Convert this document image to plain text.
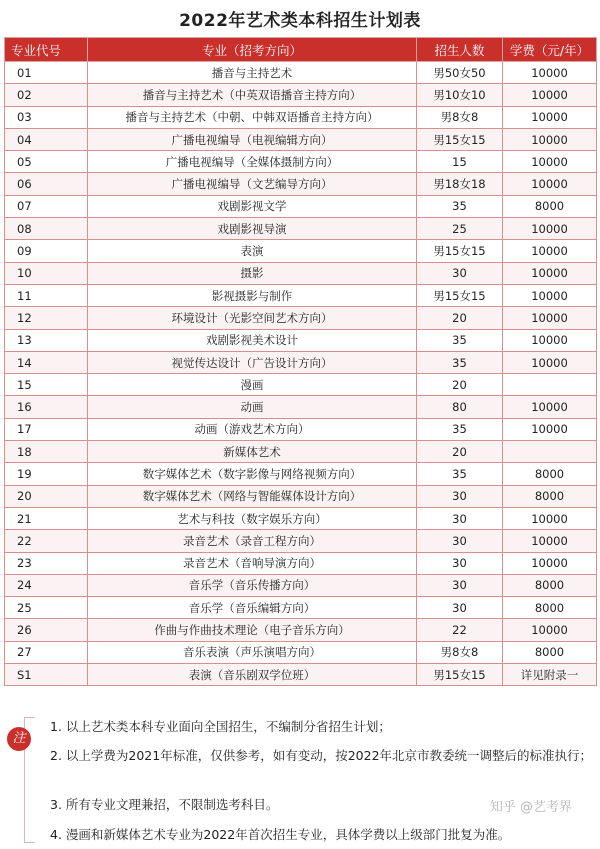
2022年艺术类本科招生计划表
专业代号	专业（招考方向）	招生人数	学费（元/年）
01	播音与主持艺术	男50女50	10000
02	播音与主持艺术（中英双语播音主持方向）	男10女10	10000
03	播音与主持艺术（中朝、中韩双语播音主持方向）	男8女8	10000
04	广播电视编导（电视编辑方向）	男15女15	10000
05	广播电视编导（全媒体摄制方向）	15	10000
06	广播电视编导（文艺编导方向）	男18女18	10000
07	戏剧影视文学	35	8000
08	戏剧影视导演	25	10000
09	表演	男15女15	10000
10	摄影	30	10000
11	影视摄影与制作	男15女15	10000
12	环境设计（光影空间艺术方向）	20	10000
13	戏剧影视美术设计	35	10000
14	视觉传达设计（广告设计方向）	35	10000
15	漫画	20	
16	动画	80	10000
17	动画（游戏艺术方向）	35	10000
18	新媒体艺术	20	
19	数字媒体艺术（数字影像与网络视频方向）	35	8000
20	数字媒体艺术（网络与智能媒体设计方向）	30	8000
21	艺术与科技（数字娱乐方向）	30	10000
22	录音艺术（录音工程方向）	30	10000
23	录音艺术（音响导演方向）	30	10000
24	音乐学（音乐传播方向）	30	8000
25	音乐学（音乐编辑方向）	30	8000
26	作曲与作曲技术理论（电子音乐方向）	22	10000
27	音乐表演（声乐演唱方向）	男8女8	8000
S1	表演（音乐剧双学位班）	男15女15	详见附录一
注
1. 以上艺术类本科专业面向全国招生，不编制分省招生计划；
2. 以上学费为2021年标准，仅供参考，如有变动，按2022年北京市教委统一调整后的标准执行；
3. 所有专业文理兼招，不限制选考科目。
4. 漫画和新媒体艺术专业为2022年首次招生专业，具体学费以上级部门批复为准。
知乎 @艺考界
